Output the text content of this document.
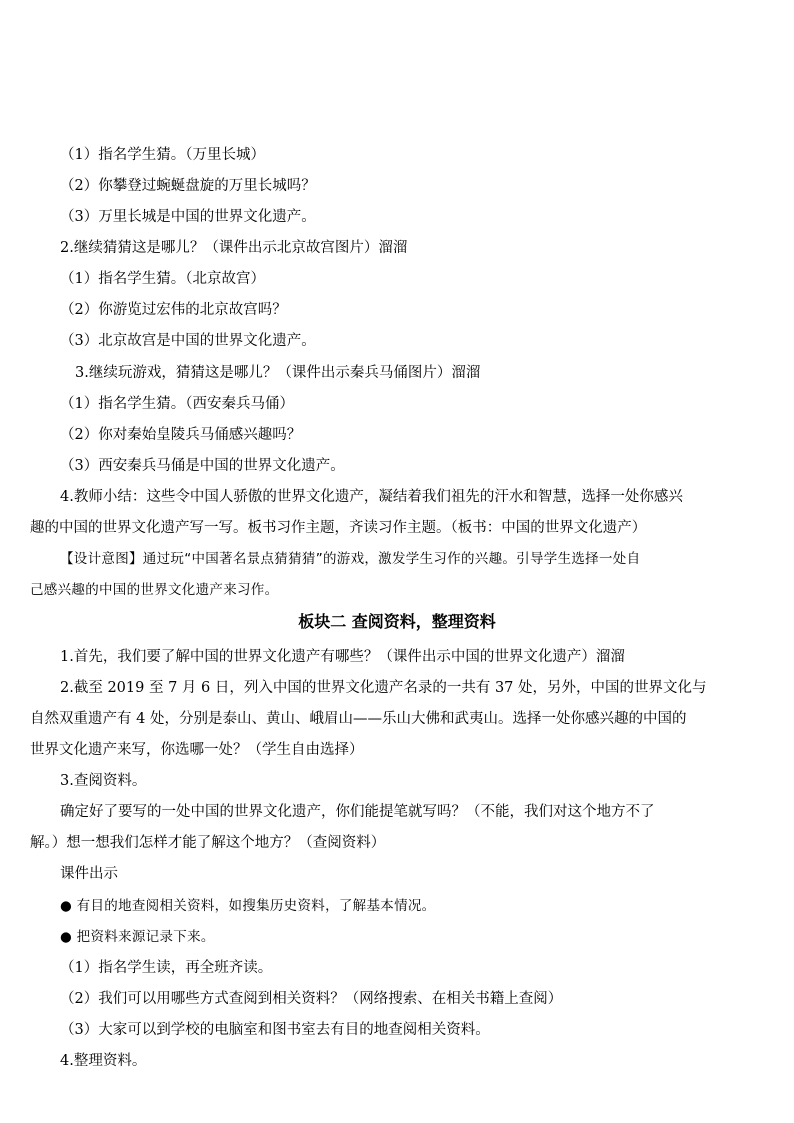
（1）指名学生猜。（万里长城）
（2）你攀登过蜿蜒盘旋的万里长城吗？
（3）万里长城是中国的世界文化遗产。
2.继续猜猜这是哪儿？（课件出示北京故宫图片）溜溜
（1）指名学生猜。（北京故宫）
（2）你游览过宏伟的北京故宫吗？
（3）北京故宫是中国的世界文化遗产。
3.继续玩游戏，猜猜这是哪儿？（课件出示秦兵马俑图片）溜溜
（1）指名学生猜。（西安秦兵马俑）
（2）你对秦始皇陵兵马俑感兴趣吗？
（3）西安秦兵马俑是中国的世界文化遗产。
4.教师小结：这些令中国人骄傲的世界文化遗产，凝结着我们祖先的汗水和智慧，选择一处你感兴
趣的中国的世界文化遗产写一写。板书习作主题，齐读习作主题。（板书：中国的世界文化遗产）
【设计意图】通过玩“中国著名景点猜猜猜”的游戏，激发学生习作的兴趣。引导学生选择一处自
己感兴趣的中国的世界文化遗产来习作。
板块二 查阅资料，整理资料
1.首先，我们要了解中国的世界文化遗产有哪些？（课件出示中国的世界文化遗产）溜溜
2.截至 2019 至 7 月 6 日，列入中国的世界文化遗产名录的一共有 37 处，另外，中国的世界文化与
自然双重遗产有 4 处，分别是泰山、黄山、峨眉山——乐山大佛和武夷山。选择一处你感兴趣的中国的
世界文化遗产来写，你选哪一处？（学生自由选择）
3.查阅资料。
确定好了要写的一处中国的世界文化遗产，你们能提笔就写吗？（不能，我们对这个地方不了
解。）想一想我们怎样才能了解这个地方？（查阅资料）
课件出示
● 有目的地查阅相关资料，如搜集历史资料，了解基本情况。
● 把资料来源记录下来。
（1）指名学生读，再全班齐读。
（2）我们可以用哪些方式查阅到相关资料？（网络搜索、在相关书籍上查阅）
（3）大家可以到学校的电脑室和图书室去有目的地查阅相关资料。
4.整理资料。
